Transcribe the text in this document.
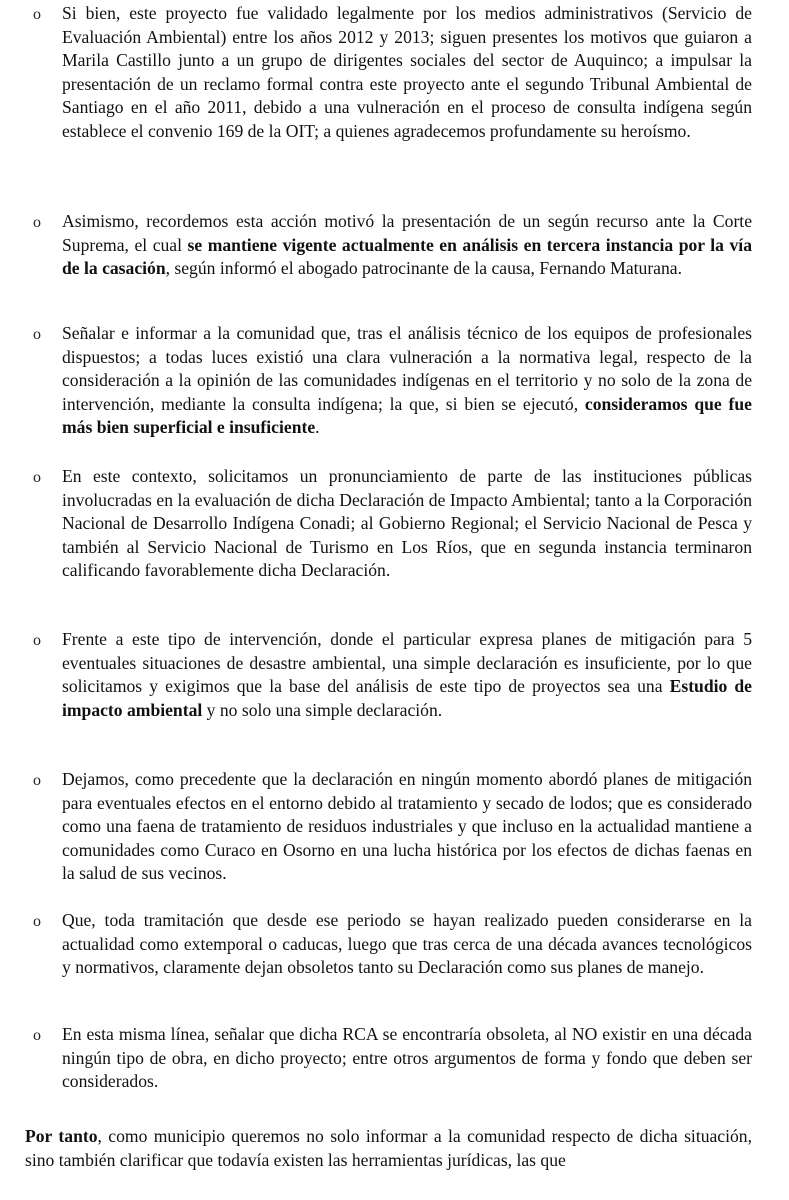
o Si bien, este proyecto fue validado legalmente por los medios administrativos (Servicio de Evaluación Ambiental) entre los años 2012 y 2013; siguen presentes los motivos que guiaron a Marila Castillo junto a un grupo de dirigentes sociales del sector de Auquinco; a impulsar la presentación de un reclamo formal contra este proyecto ante el segundo Tribunal Ambiental de Santiago en el año 2011, debido a una vulneración en el proceso de consulta indígena según establece el convenio 169 de la OIT; a quienes agradecemos profundamente su heroísmo.

o Asimismo, recordemos esta acción motivó la presentación de un según recurso ante la Corte Suprema, el cual se mantiene vigente actualmente en análisis en tercera instancia por la vía de la casación, según informó el abogado patrocinante de la causa, Fernando Maturana.

o Señalar e informar a la comunidad que, tras el análisis técnico de los equipos de profesionales dispuestos; a todas luces existió una clara vulneración a la normativa legal, respecto de la consideración a la opinión de las comunidades indígenas en el territorio y no solo de la zona de intervención, mediante la consulta indígena; la que, si bien se ejecutó, consideramos que fue más bien superficial e insuficiente.

o En este contexto, solicitamos un pronunciamiento de parte de las instituciones públicas involucradas en la evaluación de dicha Declaración de Impacto Ambiental; tanto a la Corporación Nacional de Desarrollo Indígena Conadi; al Gobierno Regional; el Servicio Nacional de Pesca y también al Servicio Nacional de Turismo en Los Ríos, que en segunda instancia terminaron calificando favorablemente dicha Declaración.

o Frente a este tipo de intervención, donde el particular expresa planes de mitigación para 5 eventuales situaciones de desastre ambiental, una simple declaración es insuficiente, por lo que solicitamos y exigimos que la base del análisis de este tipo de proyectos sea una Estudio de impacto ambiental y no solo una simple declaración.

o Dejamos, como precedente que la declaración en ningún momento abordó planes de mitigación para eventuales efectos en el entorno debido al tratamiento y secado de lodos; que es considerado como una faena de tratamiento de residuos industriales y que incluso en la actualidad mantiene a comunidades como Curaco en Osorno en una lucha histórica por los efectos de dichas faenas en la salud de sus vecinos.

o Que, toda tramitación que desde ese periodo se hayan realizado pueden considerarse en la actualidad como extemporal o caducas, luego que tras cerca de una década avances tecnológicos y normativos, claramente dejan obsoletos tanto su Declaración como sus planes de manejo.

o En esta misma línea, señalar que dicha RCA se encontraría obsoleta, al NO existir en una década ningún tipo de obra, en dicho proyecto; entre otros argumentos de forma y fondo que deben ser considerados.

Por tanto, como municipio queremos no solo informar a la comunidad respecto de dicha situación, sino también clarificar que todavía existen las herramientas jurídicas, las que
